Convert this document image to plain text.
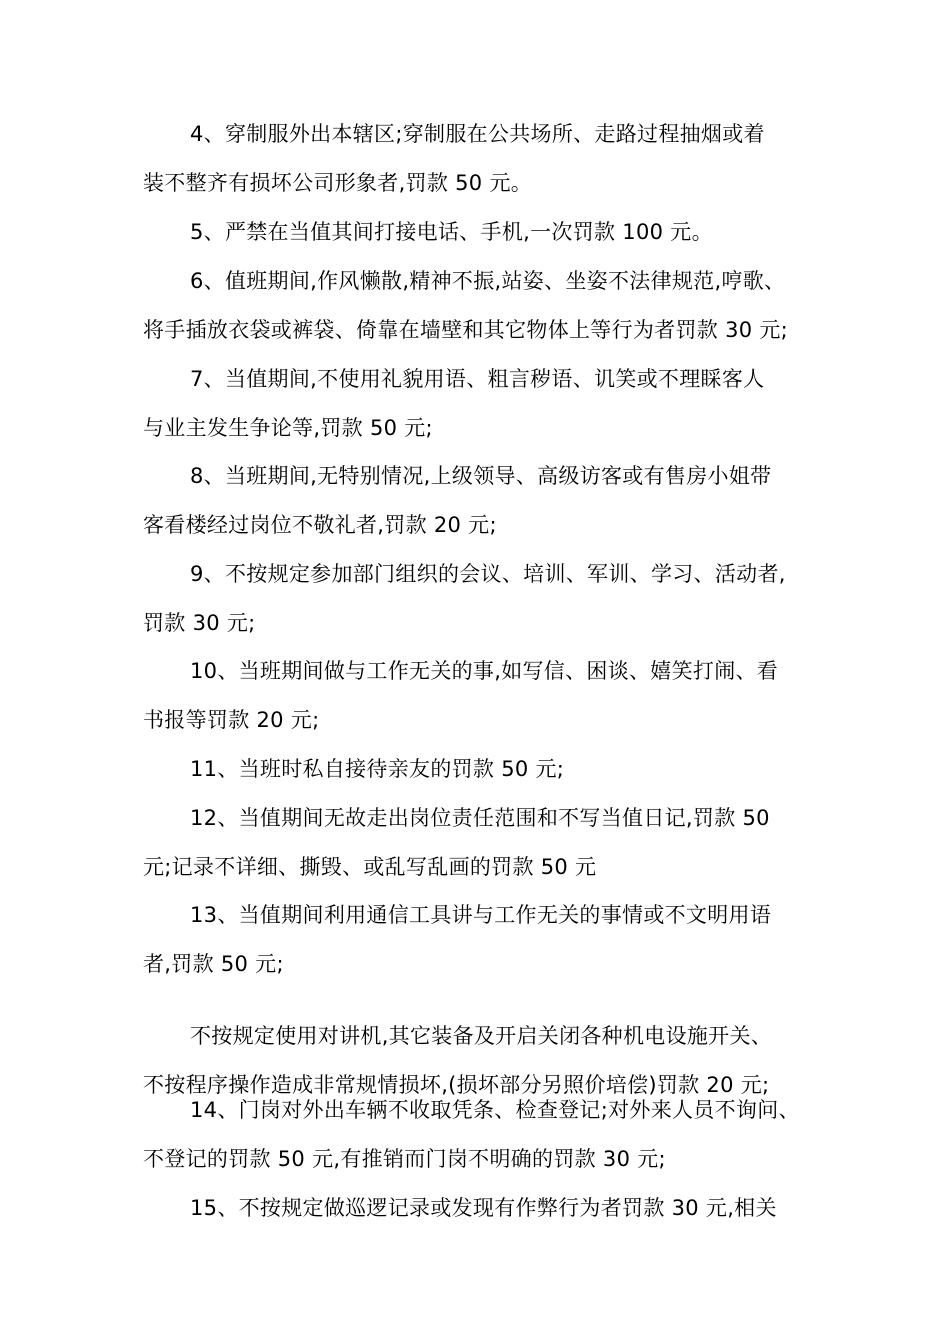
4、穿制服外出本辖区;穿制服在公共场所、走路过程抽烟或着
装不整齐有损坏公司形象者,罚款 50 元。

5、严禁在当值其间打接电话、手机,一次罚款 100 元。

6、值班期间,作风懒散,精神不振,站姿、坐姿不法律规范,哼歌、
将手插放衣袋或裤袋、倚靠在墙壁和其它物体上等行为者罚款 30 元;

7、当值期间,不使用礼貌用语、粗言秽语、讥笑或不理睬客人
与业主发生争论等,罚款 50 元;

8、当班期间,无特别情况,上级领导、高级访客或有售房小姐带
客看楼经过岗位不敬礼者,罚款 20 元;

9、不按规定参加部门组织的会议、培训、军训、学习、活动者,
罚款 30 元;

10、当班期间做与工作无关的事,如写信、困谈、嬉笑打闹、看
书报等罚款 20 元;

11、当班时私自接待亲友的罚款 50 元;

12、当值期间无故走出岗位责任范围和不写当值日记,罚款 50
元;记录不详细、撕毁、或乱写乱画的罚款 50 元

13、当值期间利用通信工具讲与工作无关的事情或不文明用语
者,罚款 50 元;

不按规定使用对讲机,其它装备及开启关闭各种机电设施开关、
不按程序操作造成非常规情损坏,(损坏部分另照价培偿)罚款 20 元;

14、门岗对外出车辆不收取凭条、检查登记;对外来人员不询问、
不登记的罚款 50 元,有推销而门岗不明确的罚款 30 元;

15、不按规定做巡逻记录或发现有作弊行为者罚款 30 元,相关
